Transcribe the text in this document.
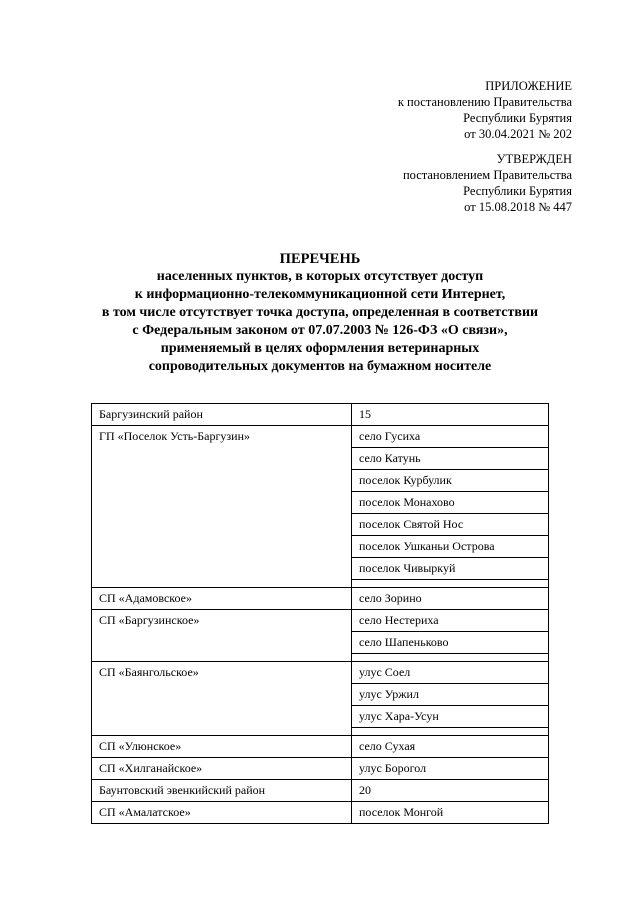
ПРИЛОЖЕНИЕ
к постановлению Правительства
Республики Бурятия
от 30.04.2021 № 202
УТВЕРЖДЕН
постановлением Правительства
Республики Бурятия
от 15.08.2018 № 447
ПЕРЕЧЕНЬ
населенных пунктов, в которых отсутствует доступ
к информационно-телекоммуникационной сети Интернет,
в том числе отсутствует точка доступа, определенная в соответствии
с Федеральным законом от 07.07.2003 № 126-ФЗ «О связи»,
применяемый в целях оформления ветеринарных
сопроводительных документов на бумажном носителе
Баргузинский район	15
ГП «Поселок Усть-Баргузин»	село Гусиха
	село Катунь
	поселок Курбулик
	поселок Монахово
	поселок Святой Нос
	поселок Ушканьи Острова
	поселок Чивыркуй

СП «Адамовское»	село Зорино
СП «Баргузинское»	село Нестериха
	село Шапеньково

СП «Баянгольское»	улус Соел
	улус Уржил
	улус Хара-Усун

СП «Улюнское»	село Сухая
СП «Хилганайское»	улус Борогол
Баунтовский эвенкийский район	20
СП «Амалатское»	поселок Монгой
